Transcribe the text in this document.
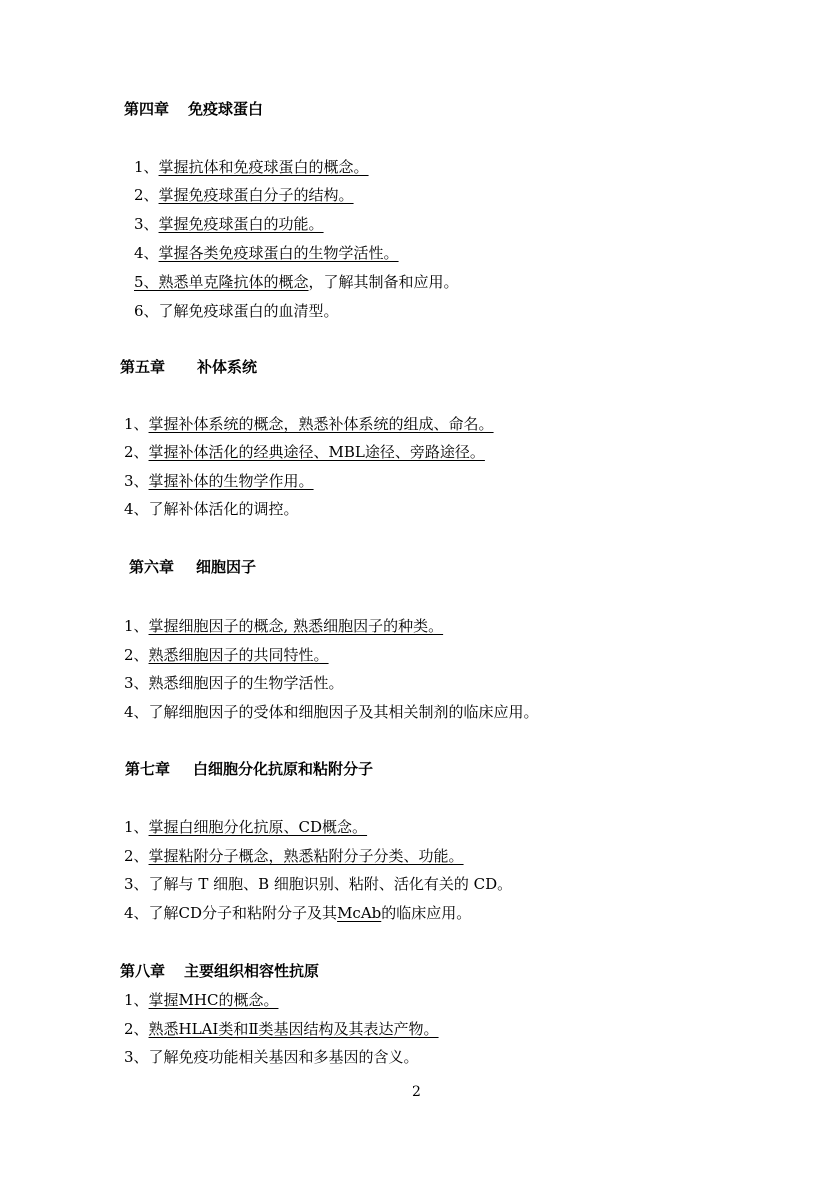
第四章 免疫球蛋白
1、掌握抗体和免疫球蛋白的概念。
2、掌握免疫球蛋白分子的结构。
3、掌握免疫球蛋白的功能。
4、掌握各类免疫球蛋白的生物学活性。
5、熟悉单克隆抗体的概念，了解其制备和应用。
6、了解免疫球蛋白的血清型。
第五章 补体系统
1、掌握补体系统的概念，熟悉补体系统的组成、命名。
2、掌握补体活化的经典途径、MBL途径、旁路途径。
3、掌握补体的生物学作用。
4、了解补体活化的调控。
第六章 细胞因子
1、掌握细胞因子的概念, 熟悉细胞因子的种类。
2、熟悉细胞因子的共同特性。
3、熟悉细胞因子的生物学活性。
4、了解细胞因子的受体和细胞因子及其相关制剂的临床应用。
第七章 白细胞分化抗原和粘附分子
1、掌握白细胞分化抗原、CD概念。
2、掌握粘附分子概念，熟悉粘附分子分类、功能。
3、了解与 T 细胞、B 细胞识别、粘附、活化有关的 CD。
4、了解CD分子和粘附分子及其McAb的临床应用。
第八章 主要组织相容性抗原
1、掌握MHC的概念。
2、熟悉HLAⅠ类和Ⅱ类基因结构及其表达产物。
3、了解免疫功能相关基因和多基因的含义。
2
